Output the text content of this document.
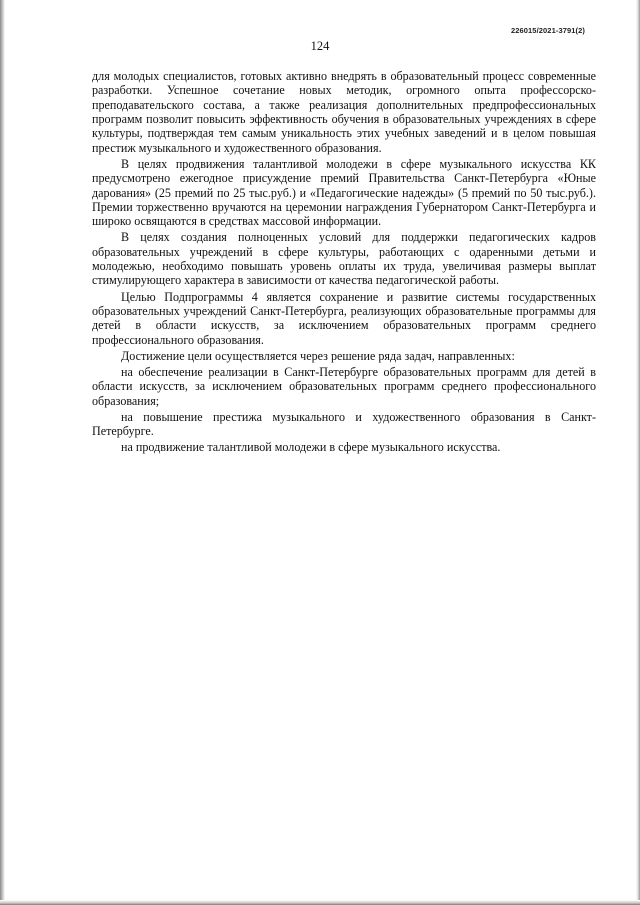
226015/2021-3791(2)
124

для молодых специалистов, готовых активно внедрять в образовательный процесс современные разработки. Успешное сочетание новых методик, огромного опыта профессорско-преподавательского состава, а также реализация дополнительных предпрофессиональных программ позволит повысить эффективность обучения в образовательных учреждениях в сфере культуры, подтверждая тем самым уникальность этих учебных заведений и в целом повышая престиж музыкального и художественного образования.

В целях продвижения талантливой молодежи в сфере музыкального искусства КК предусмотрено ежегодное присуждение премий Правительства Санкт-Петербурга «Юные дарования» (25 премий по 25 тыс.руб.) и «Педагогические надежды» (5 премий по 50 тыс.руб.). Премии торжественно вручаются на церемонии награждения Губернатором Санкт-Петербурга и широко освящаются в средствах массовой информации.

В целях создания полноценных условий для поддержки педагогических кадров образовательных учреждений в сфере культуры, работающих с одаренными детьми и молодежью, необходимо повышать уровень оплаты их труда, увеличивая размеры выплат стимулирующего характера в зависимости от качества педагогической работы.

Целью Подпрограммы 4 является сохранение и развитие системы государственных образовательных учреждений Санкт-Петербурга, реализующих образовательные программы для детей в области искусств, за исключением образовательных программ среднего профессионального образования.

Достижение цели осуществляется через решение ряда задач, направленных:

на обеспечение реализации в Санкт-Петербурге образовательных программ для детей в области искусств, за исключением образовательных программ среднего профессионального образования;

на повышение престижа музыкального и художественного образования в Санкт-Петербурге.

на продвижение талантливой молодежи в сфере музыкального искусства.
